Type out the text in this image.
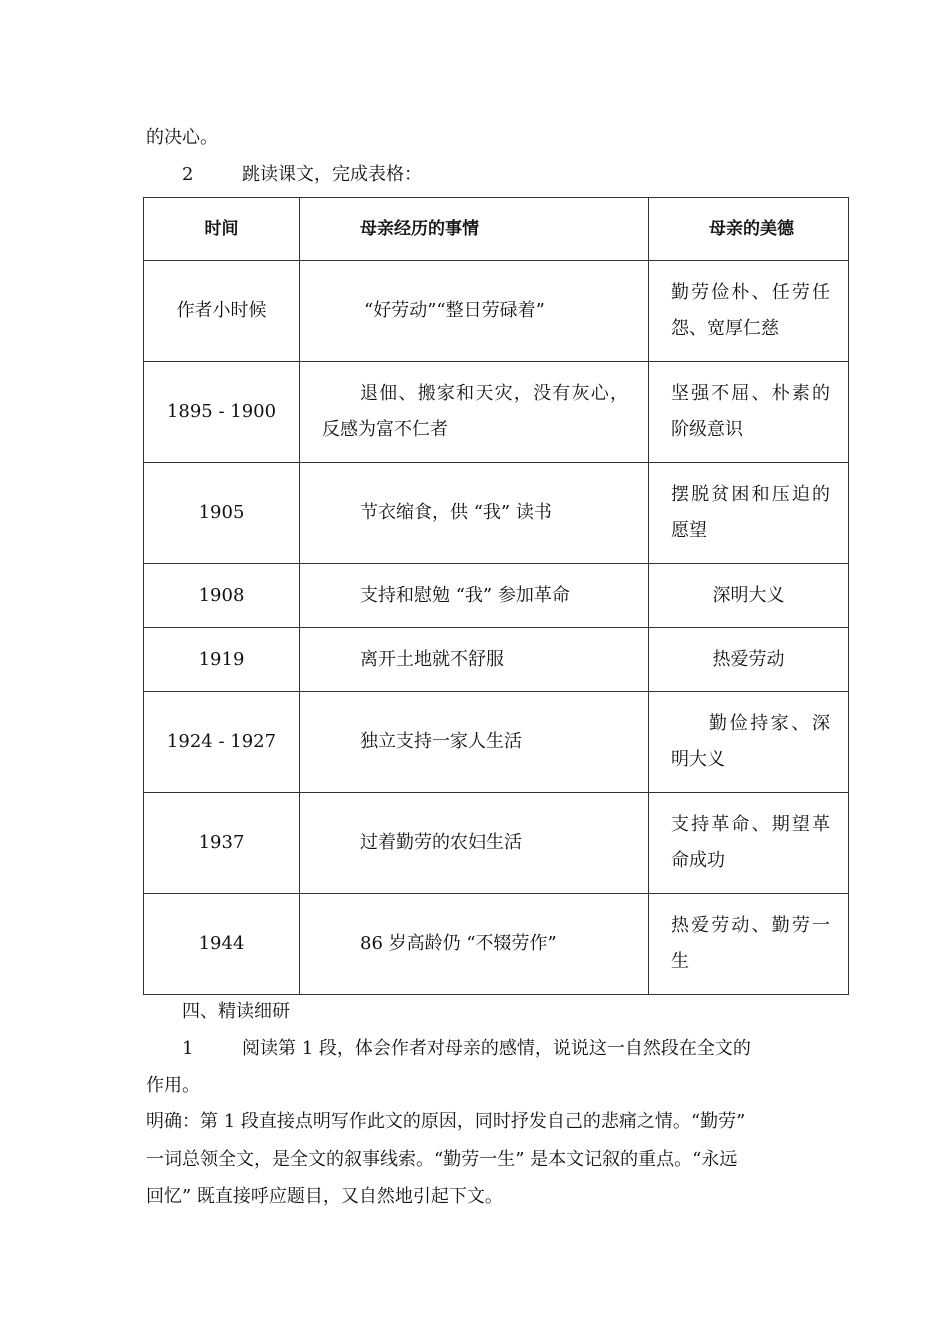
的决心。
2	跳读课文，完成表格：
时间	母亲经历的事情	母亲的美德
作者小时候	“好劳动”“整日劳碌着”	勤劳俭朴、任劳任怨、宽厚仁慈
1895 - 1900	退佃、搬家和天灾，没有灰心，反感为富不仁者	坚强不屈、朴素的阶级意识
1905	节衣缩食，供 “我” 读书	摆脱贫困和压迫的愿望
1908	支持和慰勉 “我” 参加革命	深明大义
1919	离开土地就不舒服	热爱劳动
1924 - 1927	独立支持一家人生活	勤俭持家、深明大义
1937	过着勤劳的农妇生活	支持革命、期望革命成功
1944	86 岁高龄仍 “不辍劳作”	热爱劳动、勤劳一生
四、精读细研
1	阅读第 1 段，体会作者对母亲的感情，说说这一自然段在全文的
作用。
明确：第 1 段直接点明写作此文的原因，同时抒发自己的悲痛之情。“勤劳”
一词总领全文，是全文的叙事线索。“勤劳一生” 是本文记叙的重点。“永远
回忆” 既直接呼应题目，又自然地引起下文。
